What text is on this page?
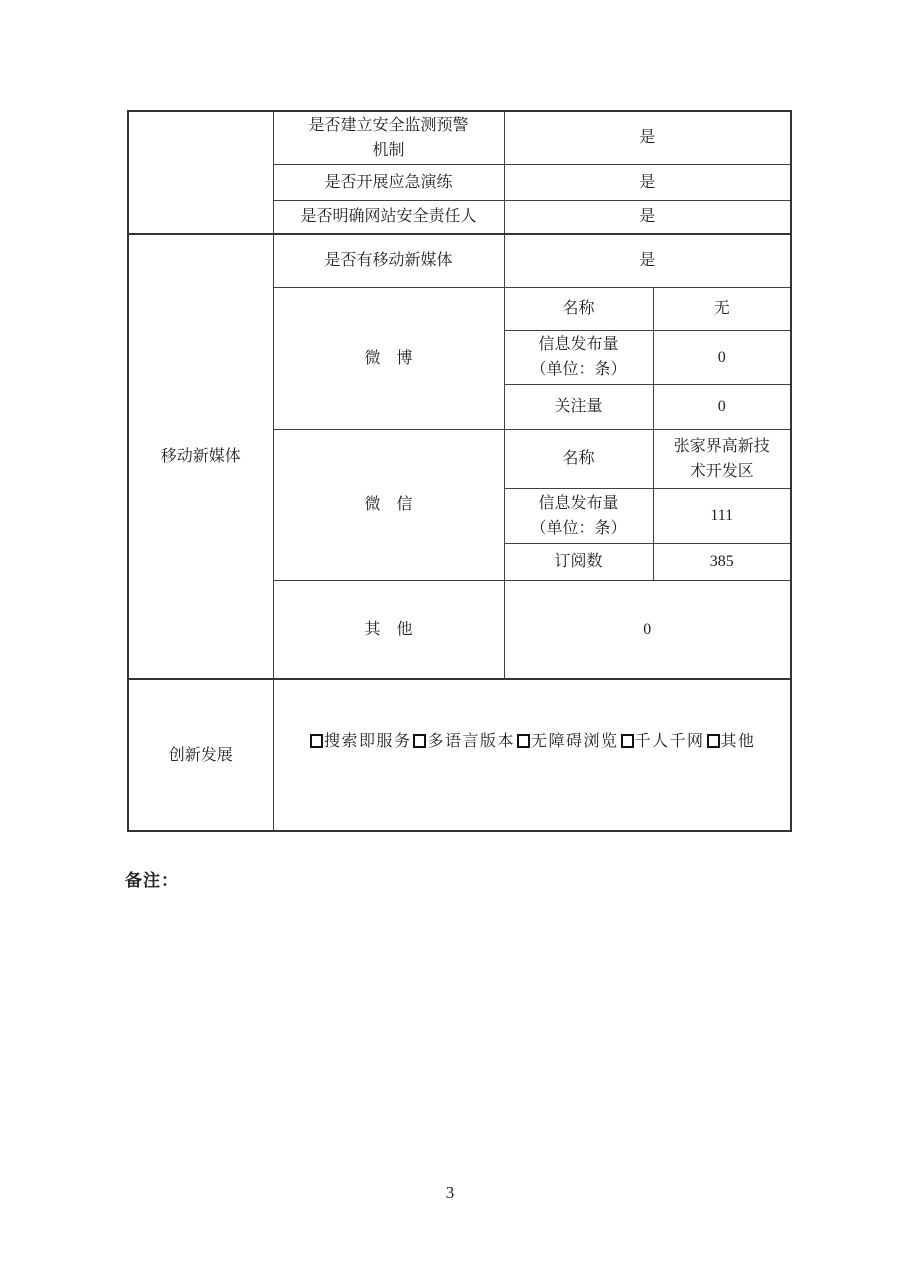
	是否建立安全监测预警
机制	是	
	是否开展应急演练	是	
	是否明确网站安全责任人	是	
移动新媒体	是否有移动新媒体	是	
	微　博	名称	无

		信息发布量
（单位：条）	0
		关注量	0
	微　信	名称	张家界高新技
术开发区

		信息发布量
（单位：条）	111
		订阅数	385
	其　他	0	
创新发展	搜索即服务 多语言版本 无障碍浏览 千人千网 其他		
备注：
3
